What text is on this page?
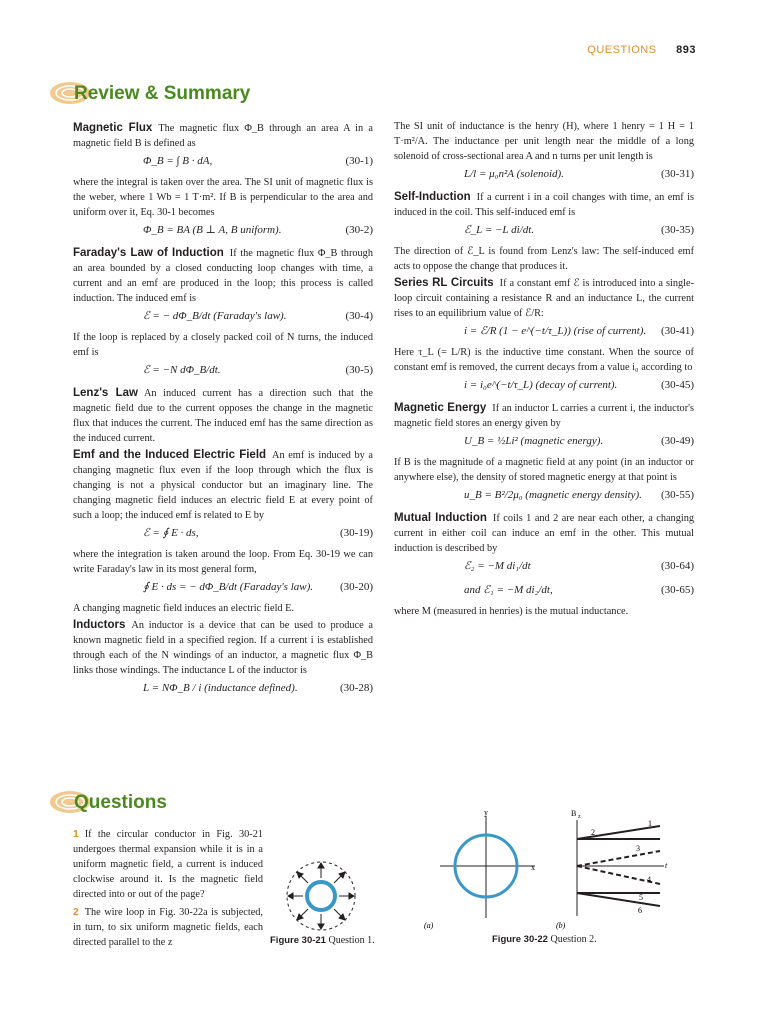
QUESTIONS 893
Review & Summary

Magnetic Flux The magnetic flux Φ_B through an area A in a magnetic field B is defined as

Φ_B = ∫ B · dA,	(30-1)

where the integral is taken over the area. The SI unit of magnetic flux is the weber, where 1 Wb = 1 T·m². If B is perpendicular to the area and uniform over it, Eq. 30-1 becomes

Φ_B = BA (B ⊥ A, B uniform).	(30-2)

Faraday's Law of Induction If the magnetic flux Φ_B through an area bounded by a closed conducting loop changes with time, a current and an emf are produced in the loop; this process is called induction. The induced emf is

ℰ = − dΦ_B/dt (Faraday's law).	(30-4)

If the loop is replaced by a closely packed coil of N turns, the induced emf is

ℰ = −N dΦ_B/dt.	(30-5)

Lenz's Law An induced current has a direction such that the magnetic field due to the current opposes the change in the magnetic flux that induces the current. The induced emf has the same direction as the induced current.

Emf and the Induced Electric Field An emf is induced by a changing magnetic flux even if the loop through which the flux is changing is not a physical conductor but an imaginary line. The changing magnetic field induces an electric field E at every point of such a loop; the induced emf is related to E by

ℰ = ∮ E · ds,	(30-19)

where the integration is taken around the loop. From Eq. 30-19 we can write Faraday's law in its most general form,

∮ E · ds = − dΦ_B/dt (Faraday's law). (30-20)

A changing magnetic field induces an electric field E.

Inductors An inductor is a device that can be used to produce a known magnetic field in a specified region. If a current i is established through each of the N windings of an inductor, a magnetic flux Φ_B links those windings. The inductance L of the inductor is

L = NΦ_B / i (inductance defined).	(30-28)

The SI unit of inductance is the henry (H), where 1 henry = 1 H = 1 T·m²/A. The inductance per unit length near the middle of a long solenoid of cross-sectional area A and n turns per unit length is

L/l = μ₀n²A (solenoid).	(30-31)

Self-Induction If a current i in a coil changes with time, an emf is induced in the coil. This self-induced emf is

ℰ_L = −L di/dt.	(30-35)

The direction of ℰ_L is found from Lenz's law: The self-induced emf acts to oppose the change that produces it.

Series RL Circuits If a constant emf ℰ is introduced into a single-loop circuit containing a resistance R and an inductance L, the current rises to an equilibrium value of ℰ/R:

i = ℰ/R (1 − e^(−t/τ_L)) (rise of current). (30-41)

Here τ_L (= L/R) is the inductive time constant. When the source of constant emf is removed, the current decays from a value i₀ according to

i = i₀e^(−t/τ_L) (decay of current).	(30-45)

Magnetic Energy If an inductor L carries a current i, the inductor's magnetic field stores an energy given by

U_B = ½Li² (magnetic energy).	(30-49)

If B is the magnitude of a magnetic field at any point (in an inductor or anywhere else), the density of stored magnetic energy at that point is

u_B = B²/2μ₀ (magnetic energy density). (30-55)

Mutual Induction If coils 1 and 2 are near each other, a changing current in either coil can induce an emf in the other. This mutual induction is described by

ℰ₂ = −M di₁/dt	(30-64)
and ℰ₁ = −M di₂/dt,	(30-65)

where M (measured in henries) is the mutual inductance.

Questions
1 If the circular conductor in Fig. 30-21 undergoes thermal expansion while it is in a uniform magnetic field, a current is induced clockwise around it. Is the magnetic field directed into or out of the page?
2 The wire loop in Fig. 30-22a is subjected, in turn, to six uniform magnetic fields, each directed parallel to the z	Figure 30-21 Question 1.
y
x
(a)
B z
t
1
2
3
4
5
6
(b)
Figure 30-22 Question 2.
